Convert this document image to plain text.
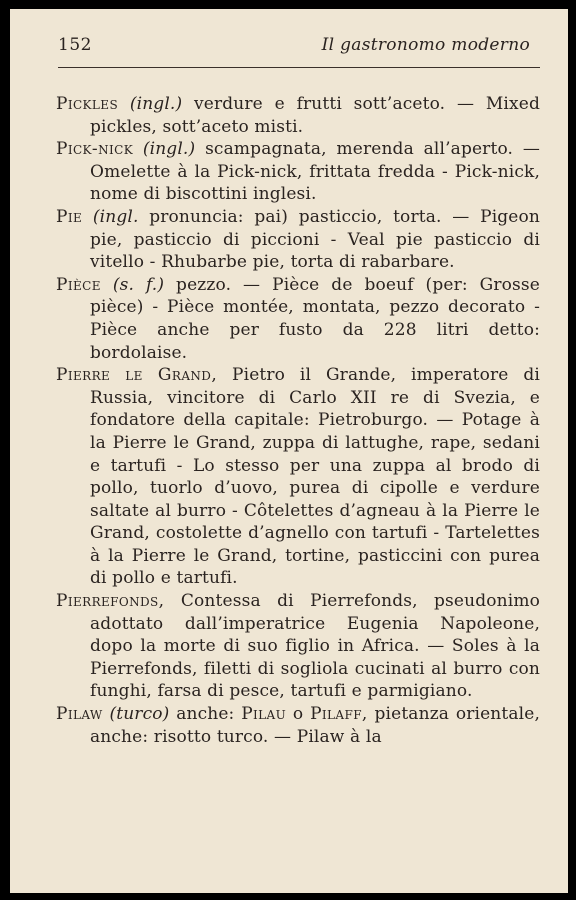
152	Il gastronomo moderno

Pickles (ingl.) verdure e frutti sott’aceto. — Mixed pickles, sott’aceto misti.

Pick-nick (ingl.) scampagnata, merenda all’aperto. — Omelette à la Pick-nick, frittata fredda - Pick-nick, nome di biscottini inglesi.

Pie (ingl. pronuncia: pai) pasticcio, torta. — Pigeon pie, pasticcio di piccioni - Veal pie pasticcio di vitello - Rhubarbe pie, torta di rabarbare.

Pièce (s. f.) pezzo. — Pièce de boeuf (per: Grosse pièce) - Pièce montée, montata, pezzo decorato - Pièce anche per fusto da 228 litri detto: bordolaise.

Pierre le Grand, Pietro il Grande, imperatore di Russia, vincitore di Carlo XII re di Svezia, e fondatore della capitale: Pietroburgo. — Potage à la Pierre le Grand, zuppa di lattughe, rape, sedani e tartufi - Lo stesso per una zuppa al brodo di pollo, tuorlo d’uovo, purea di cipolle e verdure saltate al burro - Côtelettes d’agneau à la Pierre le Grand, costolette d’agnello con tartufi - Tartelettes à la Pierre le Grand, tortine, pasticcini con purea di pollo e tartufi.

Pierrefonds, Contessa di Pierrefonds, pseudonimo adottato dall’imperatrice Eugenia Napoleone, dopo la morte di suo figlio in Africa. — Soles à la Pierrefonds, filetti di sogliola cucinati al burro con funghi, farsa di pesce, tartufi e parmigiano.

Pilaw (turco) anche: Pilau o Pilaff, pietanza orientale, anche: risotto turco. — Pilaw à la
